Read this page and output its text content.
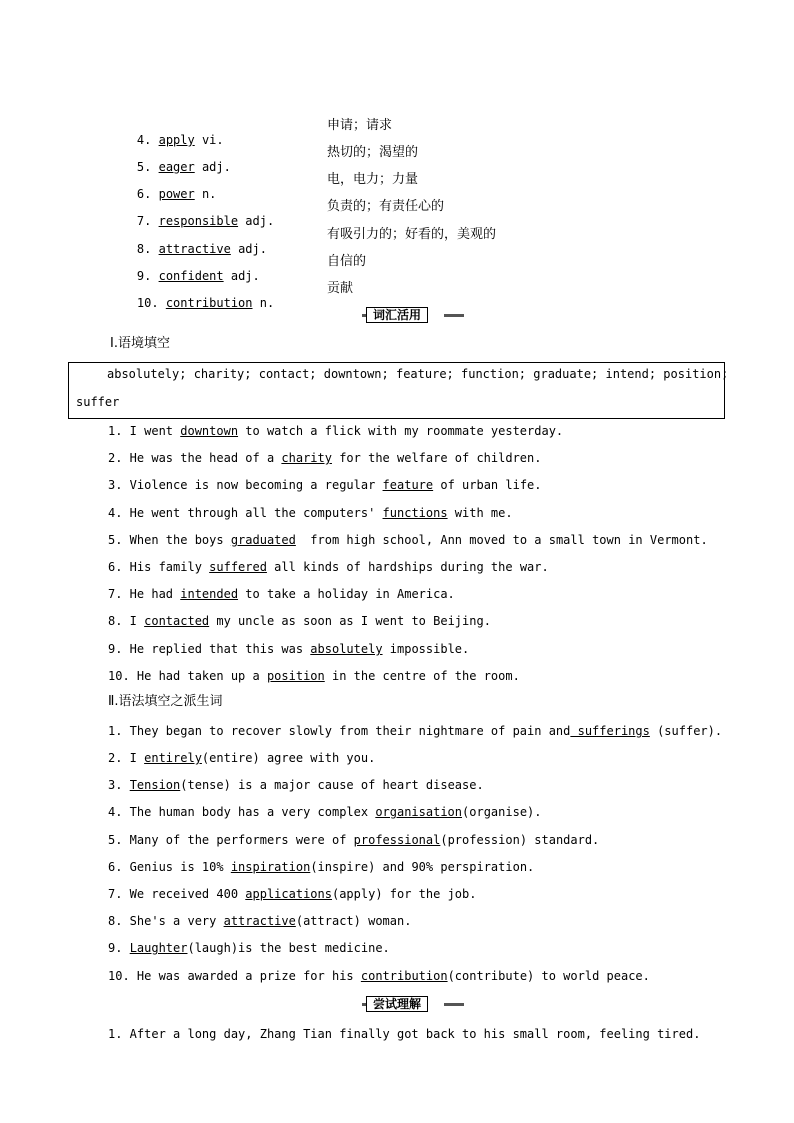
4. apply vi.

申请；请求

5. eager adj.

热切的；渴望的

6. power n.

电，电力；力量

7. responsible adj.

负责的；有责任心的

8. attractive adj.

有吸引力的；好看的，美观的

9. confident adj.

自信的

10. contribution n.

贡献
词汇活用
Ⅰ.语境填空
absolutely; charity; contact; downtown; feature; function; graduate; intend; position;
suffer
1. I went downtown to watch a flick with my roommate yesterday.
2. He was the head of a charity for the welfare of children.
3. Violence is now becoming a regular feature of urban life.
4. He went through all the computers' functions with me.
5. When the boys graduated  from high school, Ann moved to a small town in Vermont.
6. His family suffered all kinds of hardships during the war.
7. He had intended to take a holiday in America.
8. I contacted my uncle as soon as I went to Beijing.
9. He replied that this was absolutely impossible.
10. He had taken up a position in the centre of the room.
Ⅱ.语法填空之派生词
1. They began to recover slowly from their nightmare of pain and sufferings (suffer).
2. I entirely(entire) agree with you.
3. Tension(tense) is a major cause of heart disease.
4. The human body has a very complex organisation(organise).
5. Many of the performers were of professional(profession) standard.
6. Genius is 10% inspiration(inspire) and 90% perspiration.
7. We received 400 applications(apply) for the job.
8. She's a very attractive(attract) woman.
9. Laughter(laugh)is the best medicine.
10. He was awarded a prize for his contribution(contribute) to world peace.
尝试理解
1. After a long day, Zhang Tian finally got back to his small room, feeling tired.
